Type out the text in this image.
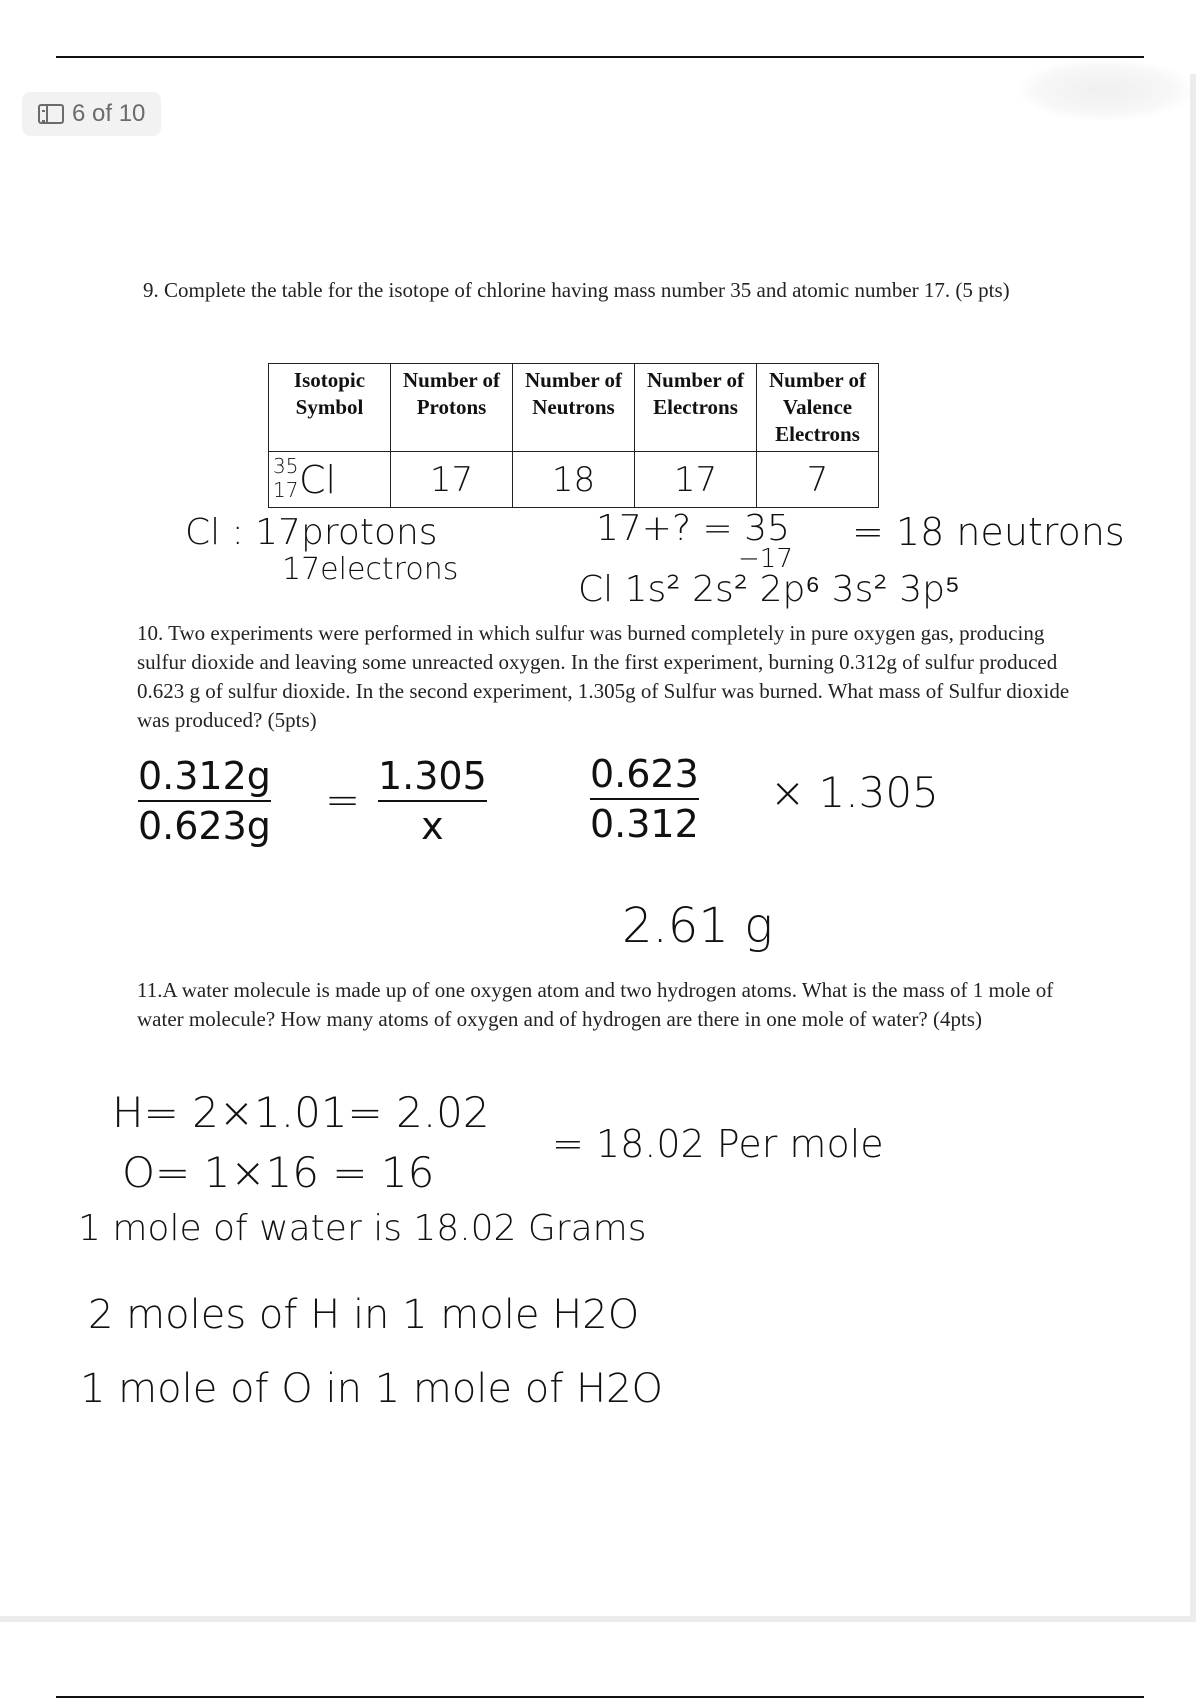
6 of 10
9. Complete the table for the isotope of chlorine having mass number 35 and atomic number 17. (5 pts)
Isotopic Symbol	Number of Protons	Number of Neutrons	Number of Electrons	Number of Valence Electrons

35
17 Cl	17	18	17	7
Cl : 17protons
17electrons
17+? = 35
−17
= 18 neutrons
Cl 1s² 2s² 2p⁶ 3s² 3p⁵
10. Two experiments were performed in which sulfur was burned completely in pure oxygen gas, producing sulfur dioxide and leaving some unreacted oxygen. In the first experiment, burning 0.312g of sulfur produced 0.623 g of sulfur dioxide. In the second experiment, 1.305g of Sulfur was burned. What mass of Sulfur dioxide was produced? (5pts)
0.312g
0.623g
= 1.305
x
0.623
0.312
× 1.305
2.61 g
11.A water molecule is made up of one oxygen atom and two hydrogen atoms. What is the mass of 1 mole of water molecule? How many atoms of oxygen and of hydrogen are there in one mole of water? (4pts)
H= 2×1.01= 2.02
O= 1×16 = 16
= 18.02 Per mole
1 mole of water is 18.02 Grams
2 moles of H in 1 mole H2O
1 mole of O in 1 mole of H2O
